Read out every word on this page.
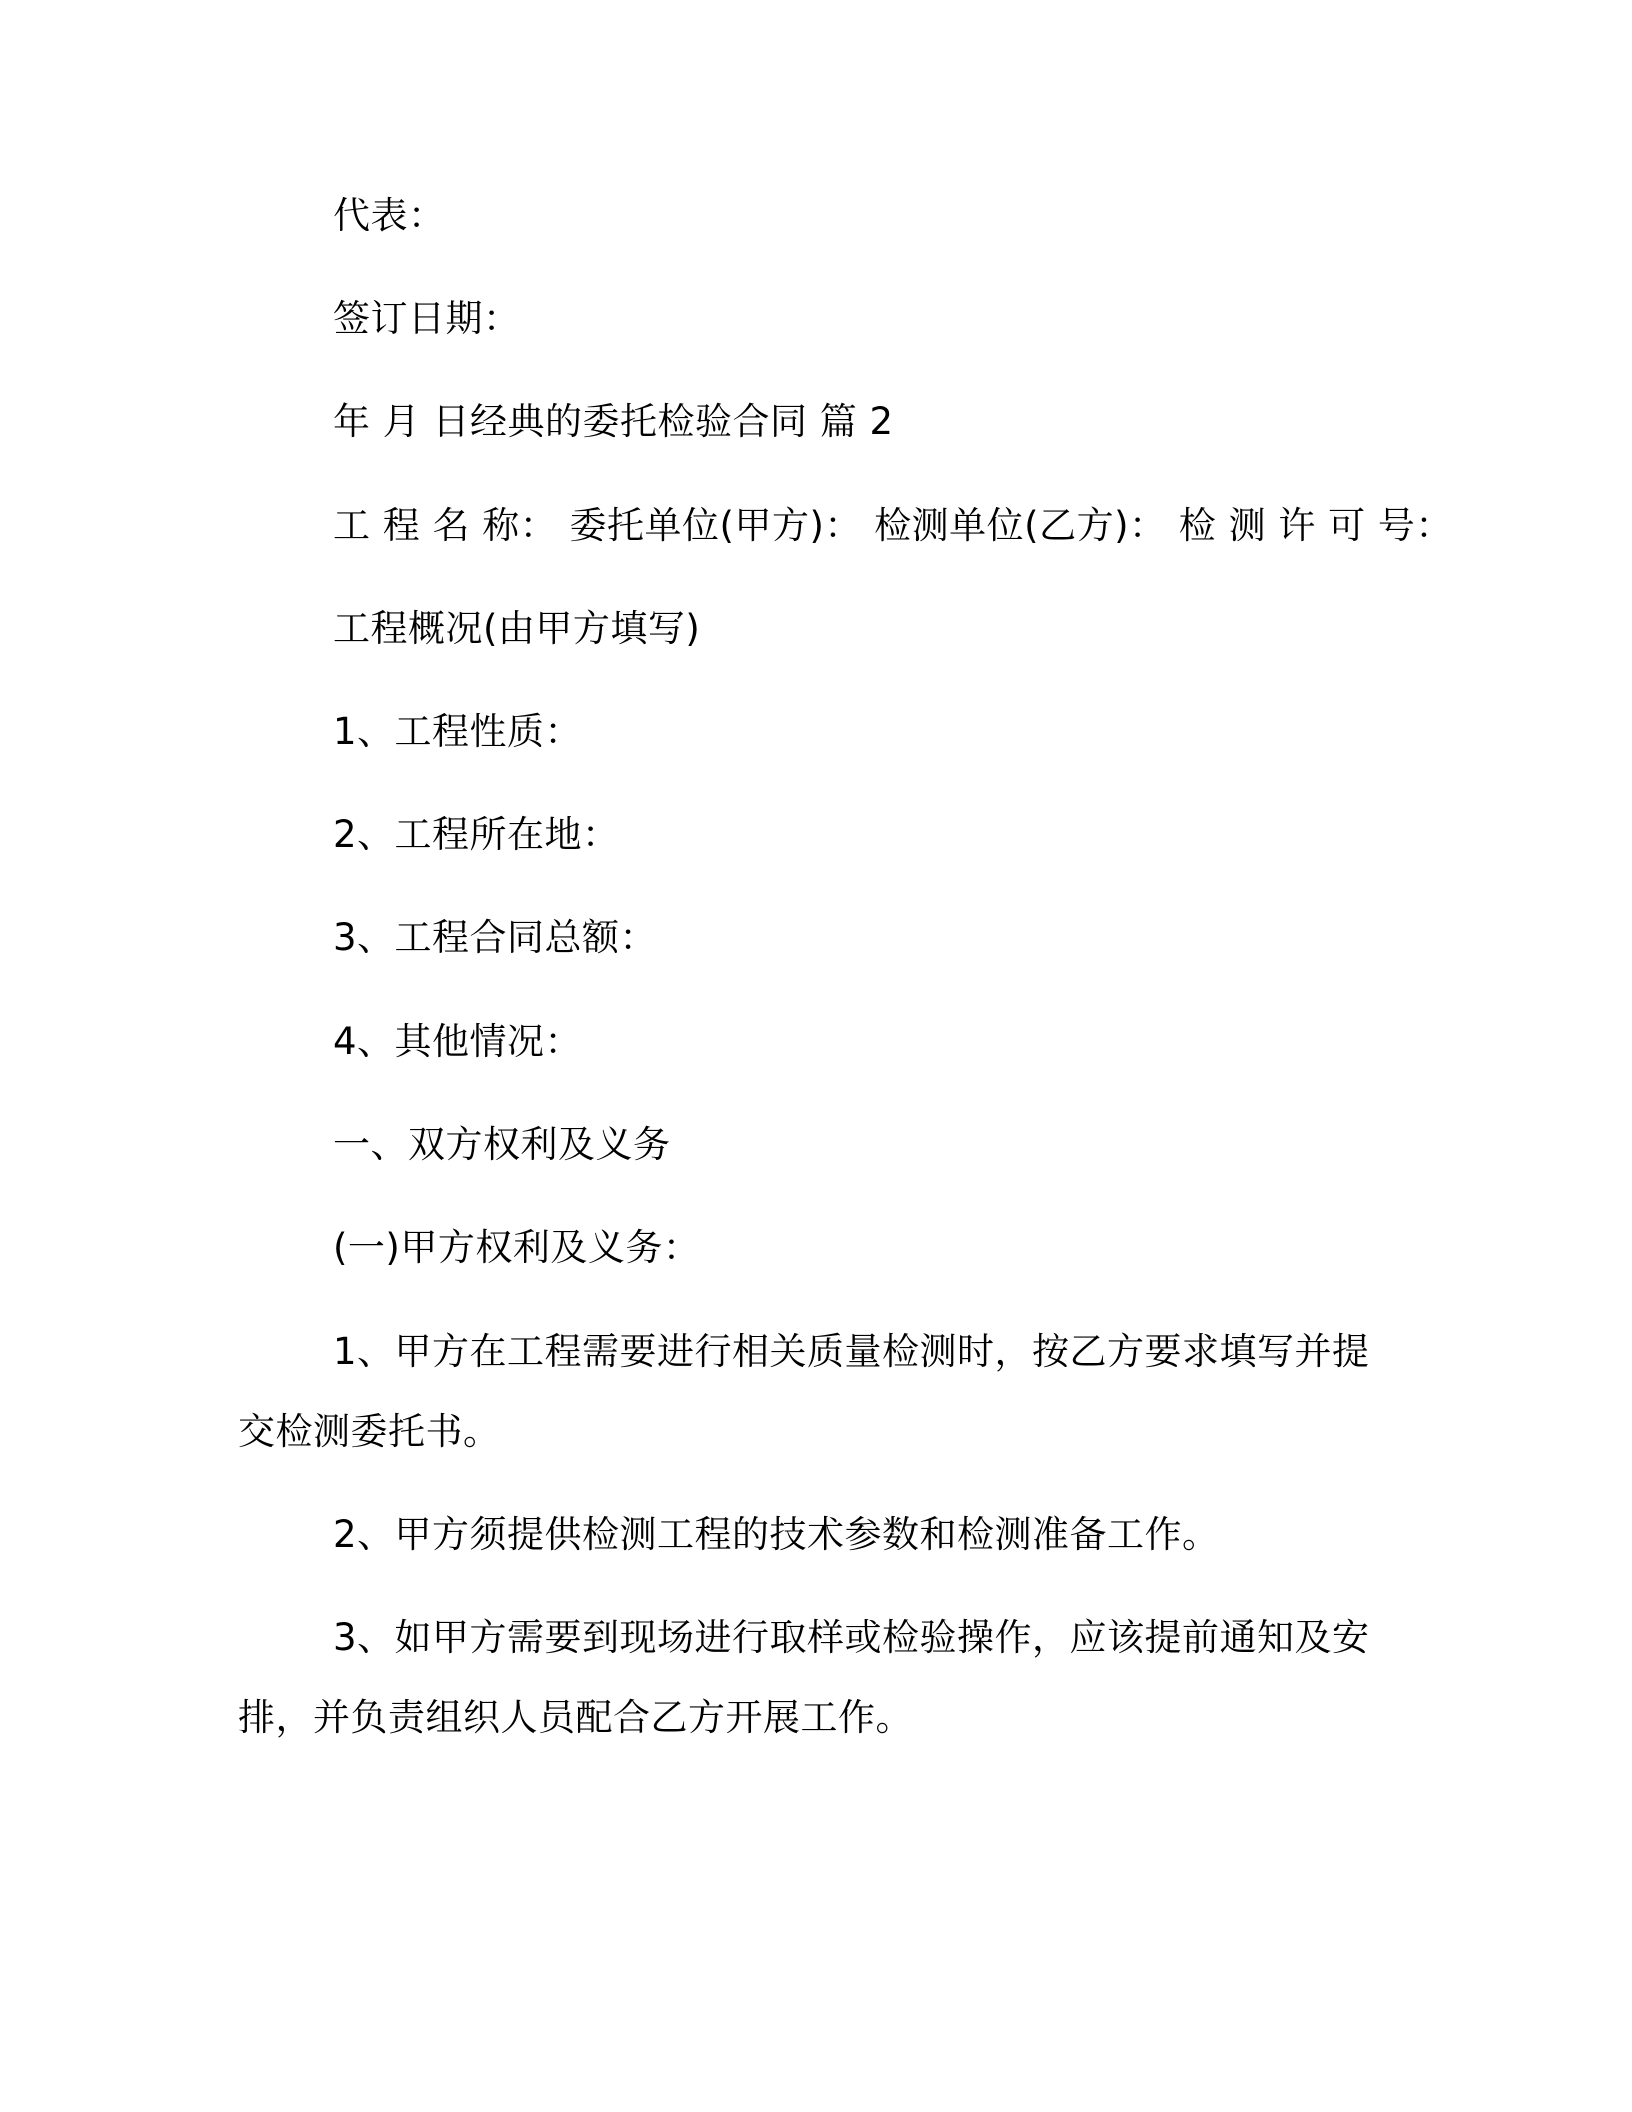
代表：
签订日期：
年 月 日经典的委托检验合同 篇 2
工 程 名 称： 委托单位(甲方)： 检测单位(乙方)： 检 测 许 可 号：
工程概况(由甲方填写)
1、工程性质：
2、工程所在地：
3、工程合同总额：
4、其他情况：
一、双方权利及义务
(一)甲方权利及义务：
1、甲方在工程需要进行相关质量检测时，按乙方要求填写并提交检测委托书。
2、甲方须提供检测工程的技术参数和检测准备工作。
3、如甲方需要到现场进行取样或检验操作，应该提前通知及安排，并负责组织人员配合乙方开展工作。
